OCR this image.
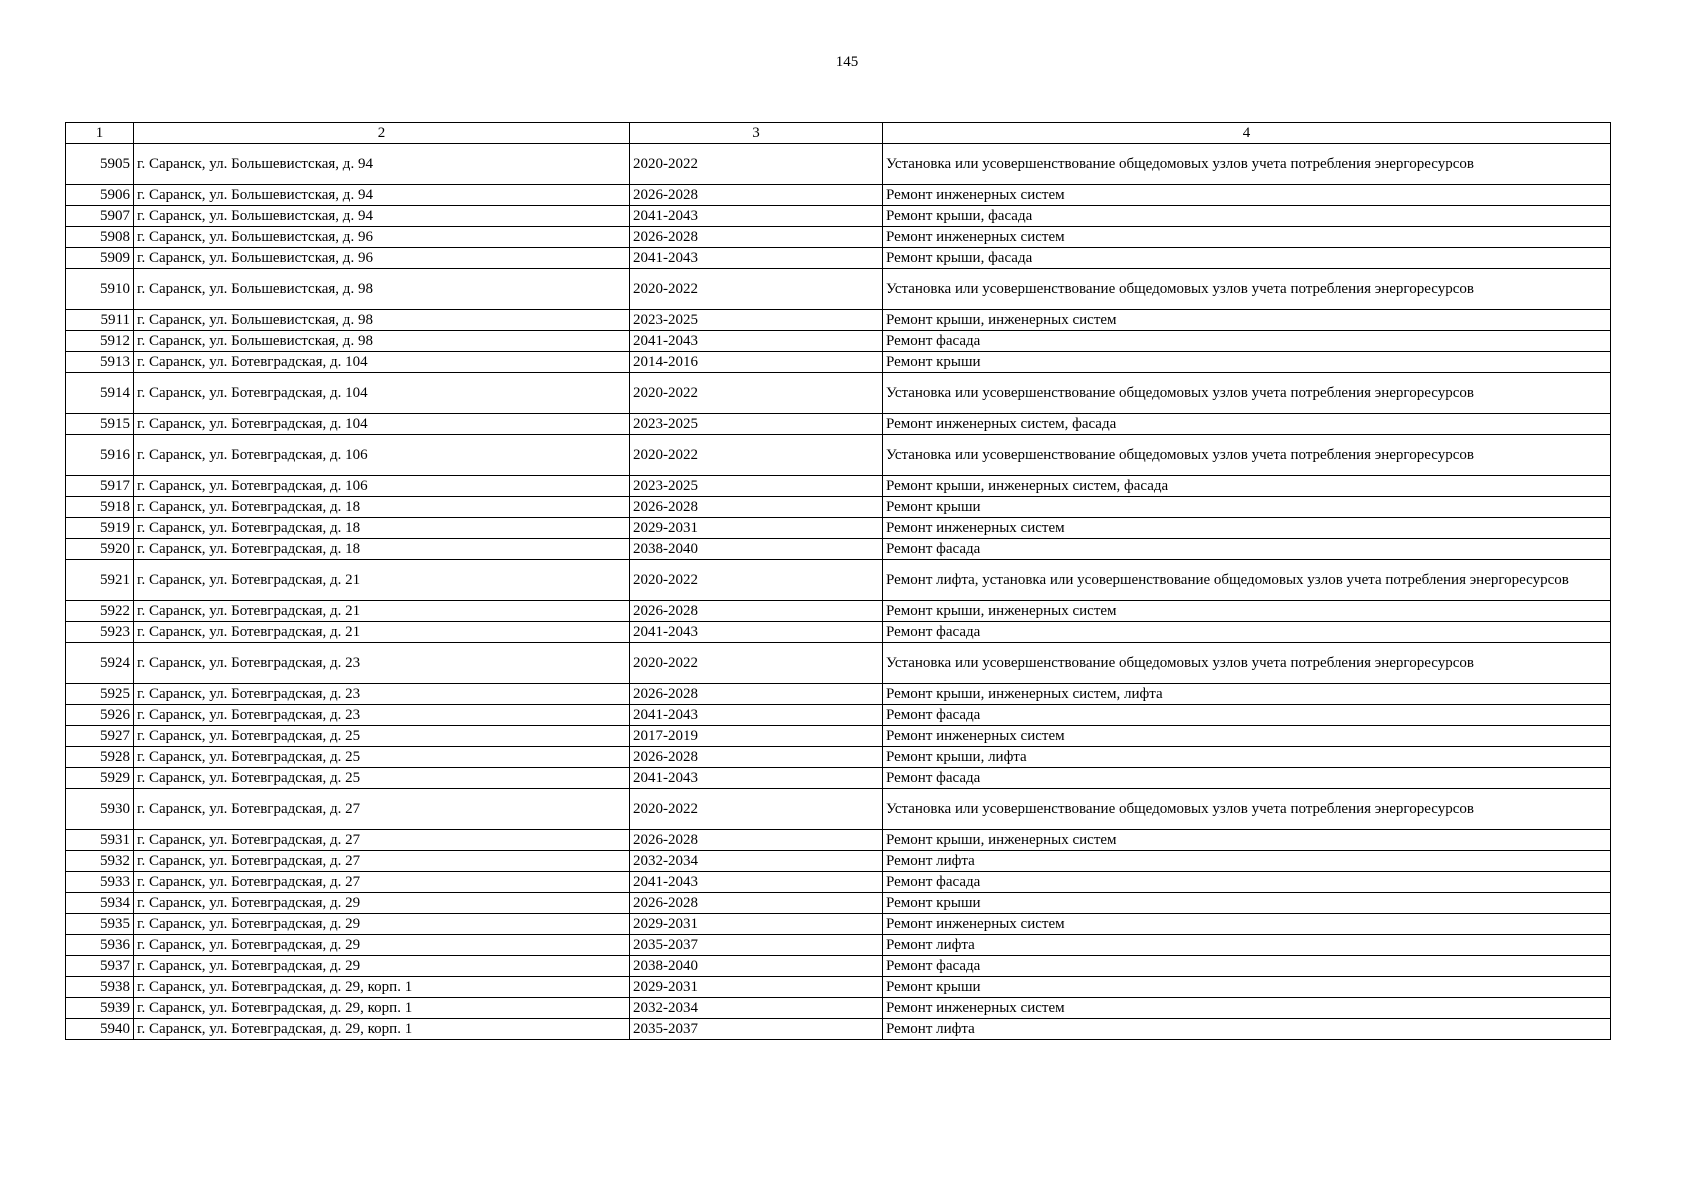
145
1	2	3	4
5905	г. Саранск, ул. Большевистская, д. 94	2020-2022	Установка или усовершенствование общедомовых узлов учета потребления энергоресурсов
5906	г. Саранск, ул. Большевистская, д. 94	2026-2028	Ремонт инженерных систем
5907	г. Саранск, ул. Большевистская, д. 94	2041-2043	Ремонт крыши, фасада
5908	г. Саранск, ул. Большевистская, д. 96	2026-2028	Ремонт инженерных систем
5909	г. Саранск, ул. Большевистская, д. 96	2041-2043	Ремонт крыши, фасада
5910	г. Саранск, ул. Большевистская, д. 98	2020-2022	Установка или усовершенствование общедомовых узлов учета потребления энергоресурсов
5911	г. Саранск, ул. Большевистская, д. 98	2023-2025	Ремонт крыши, инженерных систем
5912	г. Саранск, ул. Большевистская, д. 98	2041-2043	Ремонт фасада
5913	г. Саранск, ул. Ботевградская, д. 104	2014-2016	Ремонт крыши
5914	г. Саранск, ул. Ботевградская, д. 104	2020-2022	Установка или усовершенствование общедомовых узлов учета потребления энергоресурсов
5915	г. Саранск, ул. Ботевградская, д. 104	2023-2025	Ремонт инженерных систем, фасада
5916	г. Саранск, ул. Ботевградская, д. 106	2020-2022	Установка или усовершенствование общедомовых узлов учета потребления энергоресурсов
5917	г. Саранск, ул. Ботевградская, д. 106	2023-2025	Ремонт крыши, инженерных систем, фасада
5918	г. Саранск, ул. Ботевградская, д. 18	2026-2028	Ремонт крыши
5919	г. Саранск, ул. Ботевградская, д. 18	2029-2031	Ремонт инженерных систем
5920	г. Саранск, ул. Ботевградская, д. 18	2038-2040	Ремонт фасада
5921	г. Саранск, ул. Ботевградская, д. 21	2020-2022	Ремонт лифта, установка или усовершенствование общедомовых узлов учета потребления энергоресурсов
5922	г. Саранск, ул. Ботевградская, д. 21	2026-2028	Ремонт крыши, инженерных систем
5923	г. Саранск, ул. Ботевградская, д. 21	2041-2043	Ремонт фасада
5924	г. Саранск, ул. Ботевградская, д. 23	2020-2022	Установка или усовершенствование общедомовых узлов учета потребления энергоресурсов
5925	г. Саранск, ул. Ботевградская, д. 23	2026-2028	Ремонт крыши, инженерных систем, лифта
5926	г. Саранск, ул. Ботевградская, д. 23	2041-2043	Ремонт фасада
5927	г. Саранск, ул. Ботевградская, д. 25	2017-2019	Ремонт инженерных систем
5928	г. Саранск, ул. Ботевградская, д. 25	2026-2028	Ремонт крыши, лифта
5929	г. Саранск, ул. Ботевградская, д. 25	2041-2043	Ремонт фасада
5930	г. Саранск, ул. Ботевградская, д. 27	2020-2022	Установка или усовершенствование общедомовых узлов учета потребления энергоресурсов
5931	г. Саранск, ул. Ботевградская, д. 27	2026-2028	Ремонт крыши, инженерных систем
5932	г. Саранск, ул. Ботевградская, д. 27	2032-2034	Ремонт лифта
5933	г. Саранск, ул. Ботевградская, д. 27	2041-2043	Ремонт фасада
5934	г. Саранск, ул. Ботевградская, д. 29	2026-2028	Ремонт крыши
5935	г. Саранск, ул. Ботевградская, д. 29	2029-2031	Ремонт инженерных систем
5936	г. Саранск, ул. Ботевградская, д. 29	2035-2037	Ремонт лифта
5937	г. Саранск, ул. Ботевградская, д. 29	2038-2040	Ремонт фасада
5938	г. Саранск, ул. Ботевградская, д. 29, корп. 1	2029-2031	Ремонт крыши
5939	г. Саранск, ул. Ботевградская, д. 29, корп. 1	2032-2034	Ремонт инженерных систем
5940	г. Саранск, ул. Ботевградская, д. 29, корп. 1	2035-2037	Ремонт лифта
